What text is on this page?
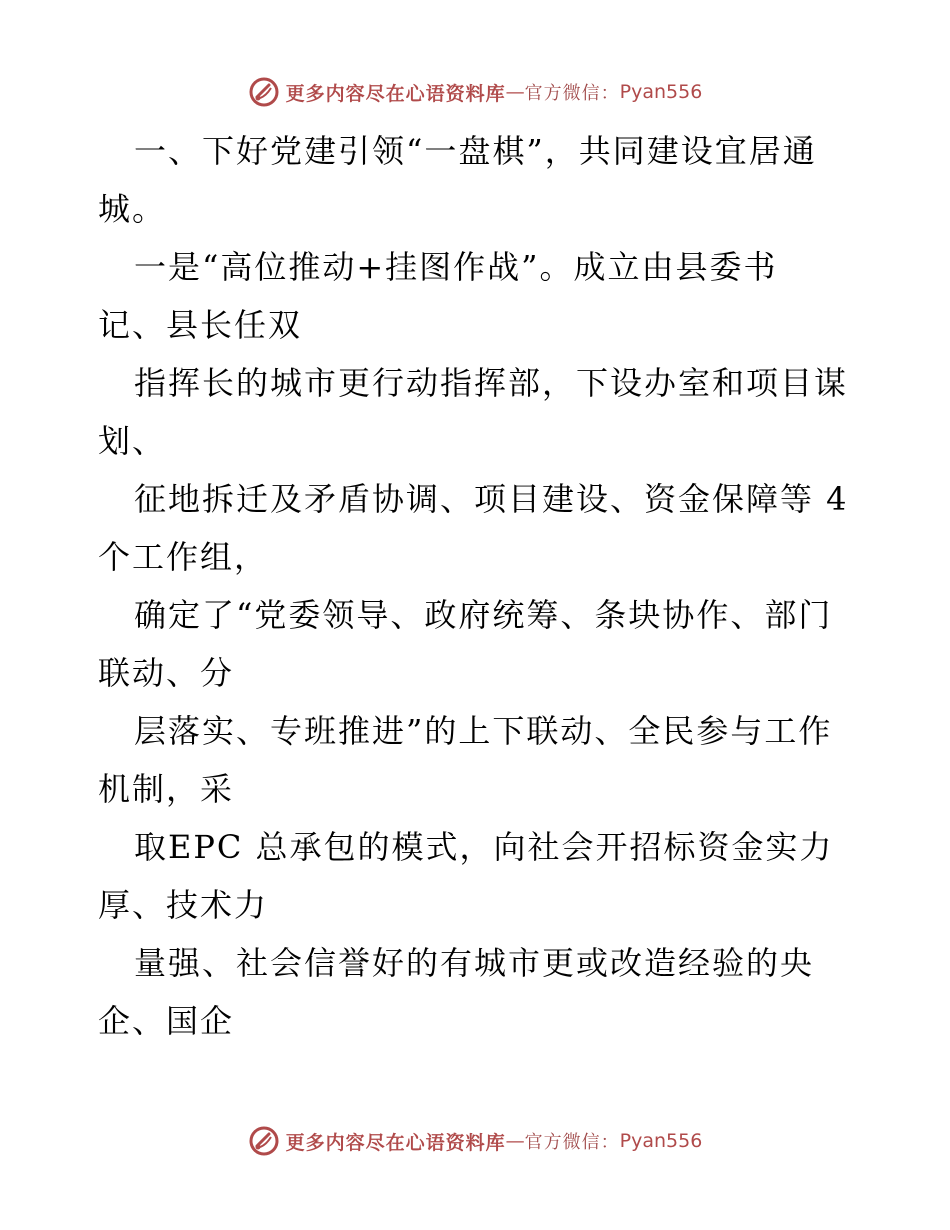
更多内容尽在心语资料库 — 官方微信： Pyan556
一、下好党建引领“一盘棋”，共同建设宜居通
城。
一是“高位推动+挂图作战”。成立由县委书
记、县长任双
指挥长的城市更行动指挥部，下设办室和项目谋
划、
征地拆迁及矛盾协调、项目建设、资金保障等 4
个工作组，
确定了“党委领导、政府统筹、条块协作、部门
联动、分
层落实、专班推进”的上下联动、全民参与工作
机制，采
取EPC 总承包的模式，向社会开招标资金实力
厚、技术力
量强、社会信誉好的有城市更或改造经验的央
企、国企
更多内容尽在心语资料库 — 官方微信： Pyan556
